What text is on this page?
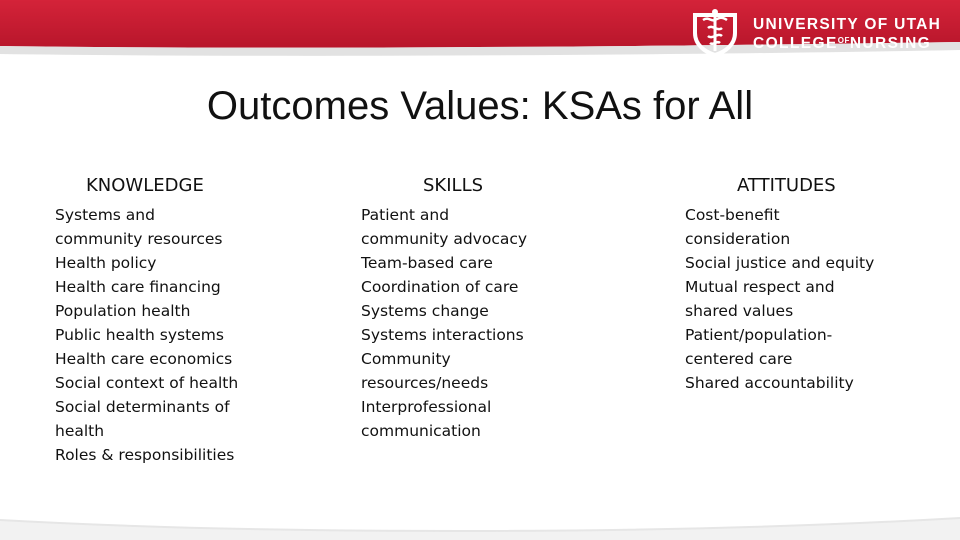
UNIVERSITY OF UTAH
$COLLEGE^{OF}NURSING$
Outcomes Values: KSAs for All
KNOWLEDGE
Systems and
community resources
Health policy
Health care financing
Population health
Public health systems
Health care economics
Social context of health
Social determinants of
health
Roles & responsibilities
SKILLS
Patient and
community advocacy
Team-based care
Coordination of care
Systems change
Systems interactions
Community
resources/needs
Interprofessional
communication
ATTITUDES
Cost-benefit
consideration
Social justice and equity
Mutual respect and
shared values
Patient/population-
centered care
Shared accountability
